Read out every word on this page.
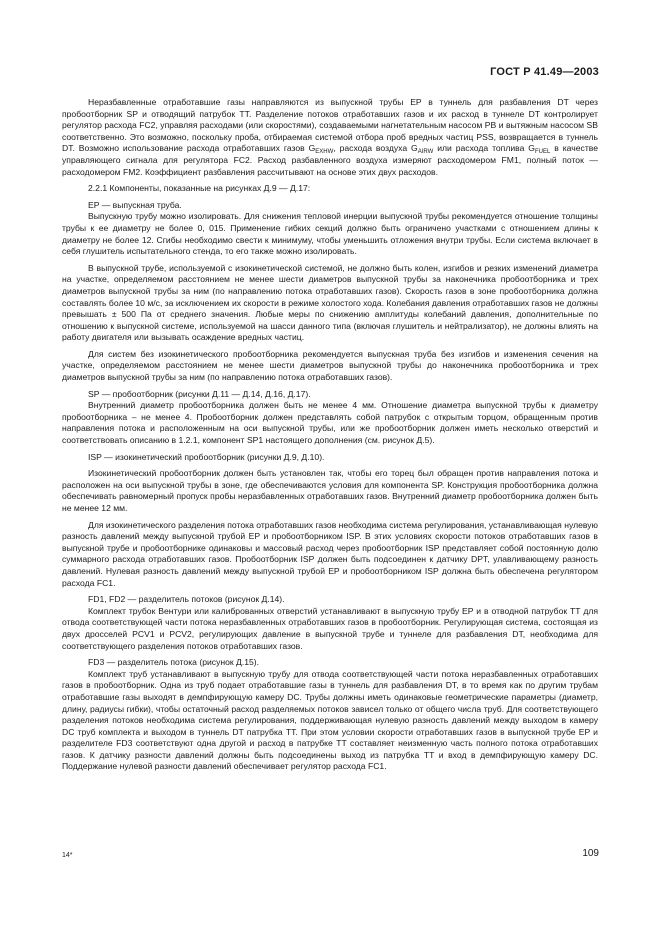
ГОСТ Р 41.49—2003

Неразбавленные отработавшие газы направляются из выпускной трубы EP в туннель для разбавления DT через пробоотборник SP и отводящий патрубок TT. Разделение потоков отработавших газов и их расход в туннеле DT контролирует регулятор расхода FC2, управляя расходами (или скоростями), создаваемыми нагнетательным насосом PB и вытяжным насосом SB соответственно. Это возможно, поскольку проба, отбираемая системой отбора проб вредных частиц PSS, возвращается в туннель DT. Возможно использование расхода отработавших газов $G_{EXHW}$, расхода воздуха $G_{AIRW}$ или расхода топлива $G_{FUEL}$ в качестве управляющего сигнала для регулятора FC2. Расход разбавленного воздуха измеряют расходомером FM1, полный поток — расходомером FM2. Коэффициент разбавления рассчитывают на основе этих двух расходов.

2.2.1 Компоненты, показанные на рисунках Д.9 — Д.17:

EP — выпускная труба.

Выпускную трубу можно изолировать. Для снижения тепловой инерции выпускной трубы рекомендуется отношение толщины трубы к ее диаметру не более 0, 015. Применение гибких секций должно быть ограничено участками с отношением длины к диаметру не более 12. Сгибы необходимо свести к минимуму, чтобы уменьшить отложения внутри трубы. Если система включает в себя глушитель испытательного стенда, то его также можно изолировать.

В выпускной трубе, используемой с изокинетической системой, не должно быть колен, изгибов и резких изменений диаметра на участке, определяемом расстоянием не менее шести диаметров выпускной трубы за наконечника пробоотборника и трех диаметров выпускной трубы за ним (по направлению потока отработавших газов). Скорость газов в зоне пробоотборника должна составлять более 10 м/с, за исключением их скорости в режиме холостого хода. Колебания давления отработавших газов не должны превышать ± 500 Па от среднего значения. Любые меры по снижению амплитуды колебаний давления, дополнительные по отношению к выпускной системе, используемой на шасси данного типа (включая глушитель и нейтрализатор), не должны влиять на работу двигателя или вызывать осаждение вредных частиц.

Для систем без изокинетического пробоотборника рекомендуется выпускная труба без изгибов и изменения сечения на участке, определяемом расстоянием не менее шести диаметров выпускной трубы до наконечника пробоотборника и трех диаметров выпускной трубы за ним (по направлению потока отработавших газов).

SP — пробоотборник (рисунки Д.11 — Д.14, Д.16, Д.17).

Внутренний диаметр пробоотборника должен быть не менее 4 мм. Отношение диаметра выпускной трубы к диаметру пробоотборника – не менее 4. Пробоотборник должен представлять собой патрубок с открытым торцом, обращенным против направления потока и расположенным на оси выпускной трубы, или же пробоотборник должен иметь несколько отверстий и соответствовать описанию в 1.2.1, компонент SP1 настоящего дополнения (см. рисунок Д.5).

ISP — изокинетический пробоотборник (рисунки Д.9, Д.10).

Изокинетический пробоотборник должен быть установлен так, чтобы его торец был обращен против направления потока и расположен на оси выпускной трубы в зоне, где обеспечиваются условия для компонента SP. Конструкция пробоотборника должна обеспечивать равномерный пропуск пробы неразбавленных отработавших газов. Внутренний диаметр пробоотборника должен быть не менее 12 мм.

Для изокинетического разделения потока отработавших газов необходима система регулирования, устанавливающая нулевую разность давлений между выпускной трубой EP и пробоотборником ISP. В этих условиях скорости потоков отработавших газов в выпускной трубе и пробоотборнике одинаковы и массовый расход через пробоотборник ISP представляет собой постоянную долю суммарного расхода отработавших газов. Пробоотборник ISP должен быть подсоединен к датчику DPT, улавливающему разность давлений. Нулевая разность давлений между выпускной трубой EP и пробоотборником ISP должна быть обеспечена регулятором расхода FC1.

FD1, FD2 — разделитель потоков (рисунок Д.14).

Комплект трубок Вентури или калиброванных отверстий устанавливают в выпускную трубу EP и в отводной патрубок TT для отвода соответствующей части потока неразбавленных отработавших газов в пробоотборник. Регулирующая система, состоящая из двух дросселей PCV1 и PCV2, регулирующих давление в выпускной трубе и туннеле для разбавления DT, необходима для соответствующего разделения потоков отработавших газов.

FD3 — разделитель потока (рисунок Д.15).

Комплект труб устанавливают в выпускную трубу для отвода соответствующей части потока неразбавленных отработавших газов в пробоотборник. Одна из труб подает отработавшие газы в туннель для разбавления DT, в то время как по другим трубам отработавшие газы выходят в демпфирующую камеру DC. Трубы должны иметь одинаковые геометрические параметры (диаметр, длину, радиусы гибки), чтобы остаточный расход разделяемых потоков зависел только от общего числа труб. Для соответствующего разделения потоков необходима система регулирования, поддерживающая нулевую разность давлений между выходом в камеру DC труб комплекта и выходом в туннель DT патрубка TT. При этом условии скорости отработавших газов в выпускной трубе EP и разделителе FD3 соответствуют одна другой и расход в патрубке TT составляет неизменную часть полного потока отработавших газов. К датчику разности давлений должны быть подсоединены выход из патрубка TT и вход в демпфирующую камеру DC. Поддержание нулевой разности давлений обеспечивает регулятор расхода FC1.

14*	109
